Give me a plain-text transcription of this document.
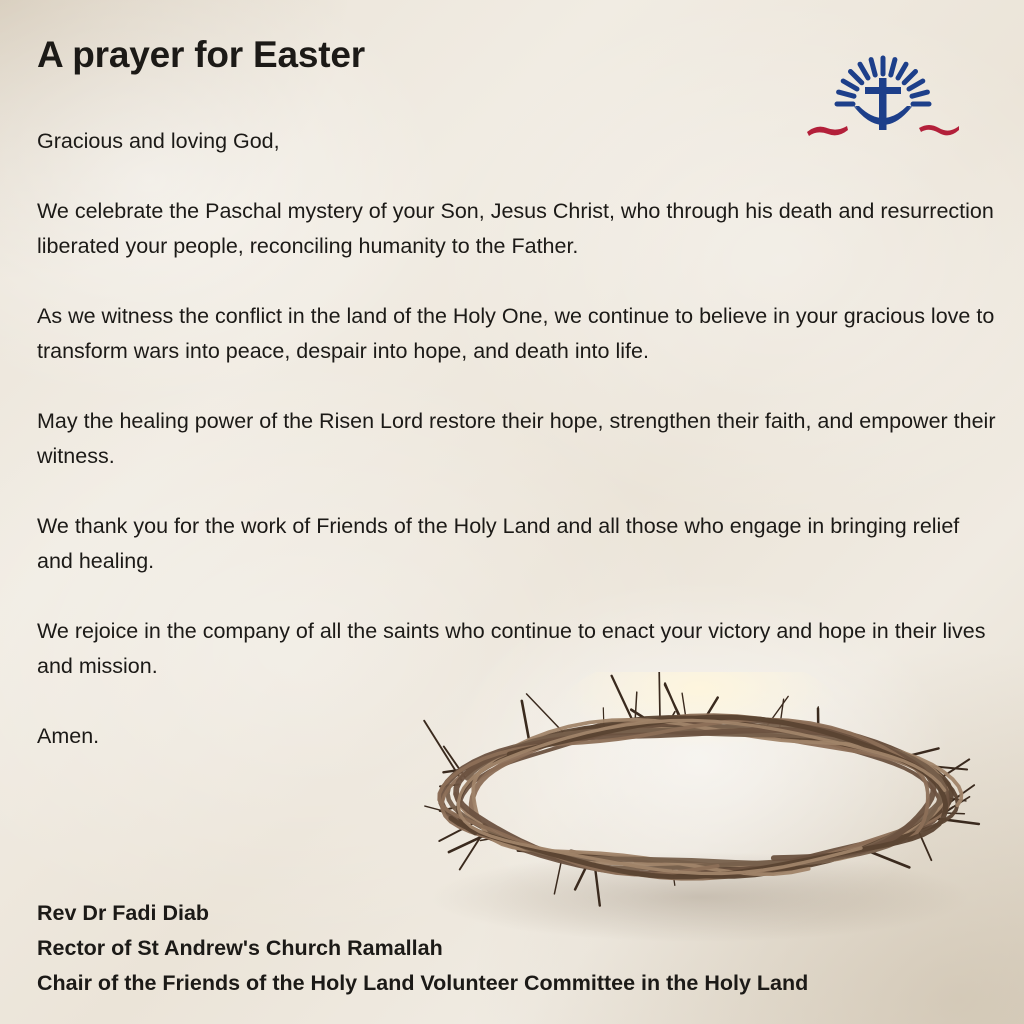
A prayer for Easter

Gracious and loving God,

We celebrate the Paschal mystery of your Son, Jesus Christ, who through his death and resurrection liberated your people, reconciling humanity to the Father.

As we witness the conflict in the land of the Holy One, we continue to believe in your gracious love to transform wars into peace, despair into hope, and death into life.

May the healing power of the Risen Lord restore their hope, strengthen their faith, and empower their witness.

We thank you for the work of Friends of the Holy Land and all those who engage in bringing relief and healing.

We rejoice in the company of all the saints who continue to enact your victory and hope in their lives and mission.

Amen.

Rev Dr Fadi Diab
Rector of St Andrew's Church Ramallah
Chair of the Friends of the Holy Land Volunteer Committee in the Holy Land
